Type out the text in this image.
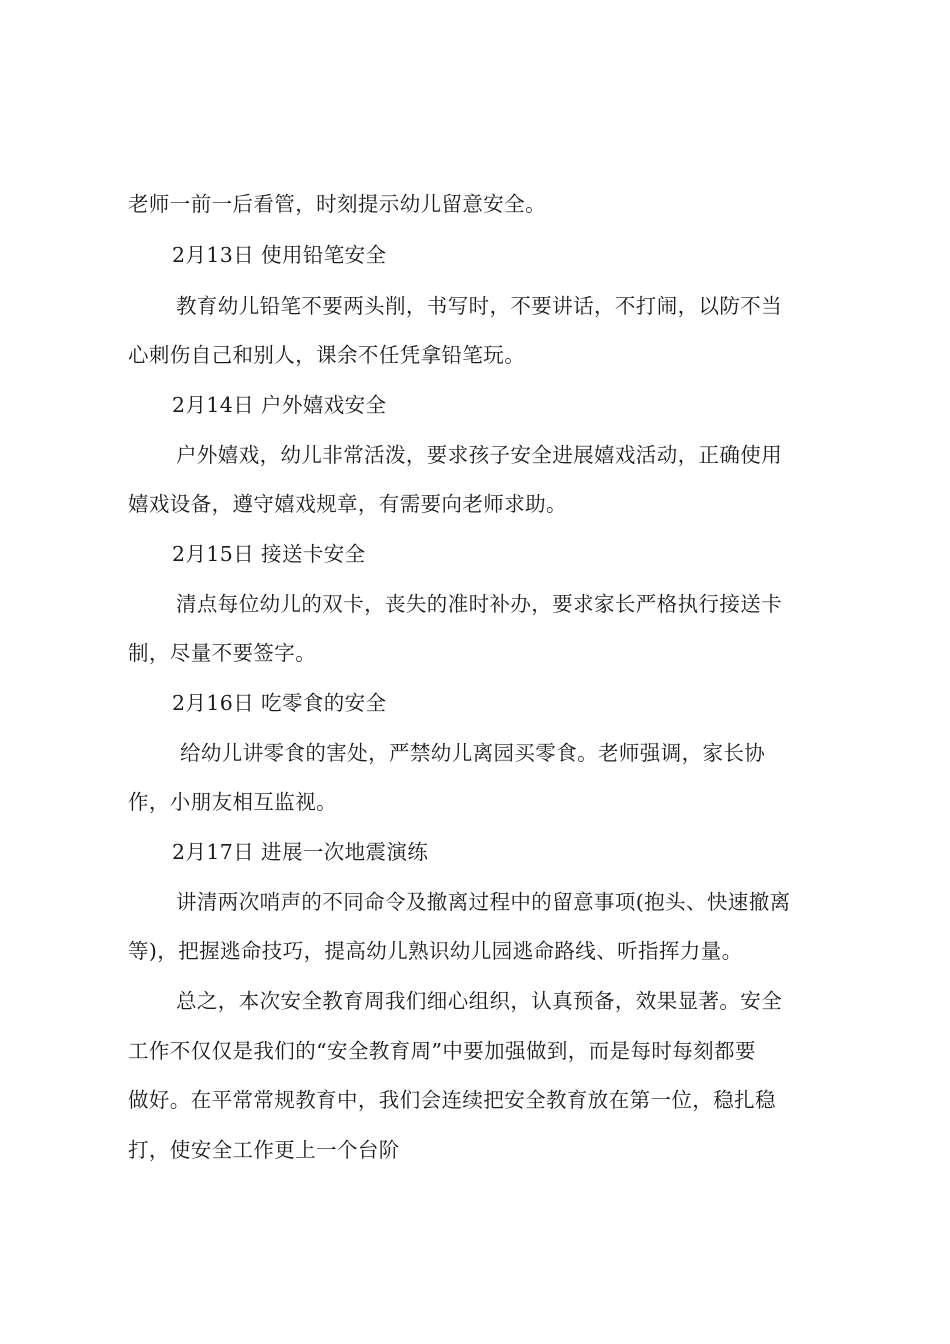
老师一前一后看管，时刻提示幼儿留意安全。
2月13日 使用铅笔安全
教育幼儿铅笔不要两头削，书写时，不要讲话，不打闹，以防不当
心刺伤自己和别人，课余不任凭拿铅笔玩。
2月14日 户外嬉戏安全
户外嬉戏，幼儿非常活泼，要求孩子安全进展嬉戏活动，正确使用
嬉戏设备，遵守嬉戏规章，有需要向老师求助。
2月15日 接送卡安全
清点每位幼儿的双卡，丧失的准时补办，要求家长严格执行接送卡
制，尽量不要签字。
2月16日 吃零食的安全
给幼儿讲零食的害处，严禁幼儿离园买零食。老师强调，家长协
作，小朋友相互监视。
2月17日 进展一次地震演练
讲清两次哨声的不同命令及撤离过程中的留意事项(抱头、快速撤离
等)，把握逃命技巧，提高幼儿熟识幼儿园逃命路线、听指挥力量。
总之，本次安全教育周我们细心组织，认真预备，效果显著。安全
工作不仅仅是我们的“安全教育周”中要加强做到，而是每时每刻都要
做好。在平常常规教育中，我们会连续把安全教育放在第一位，稳扎稳
打，使安全工作更上一个台阶
